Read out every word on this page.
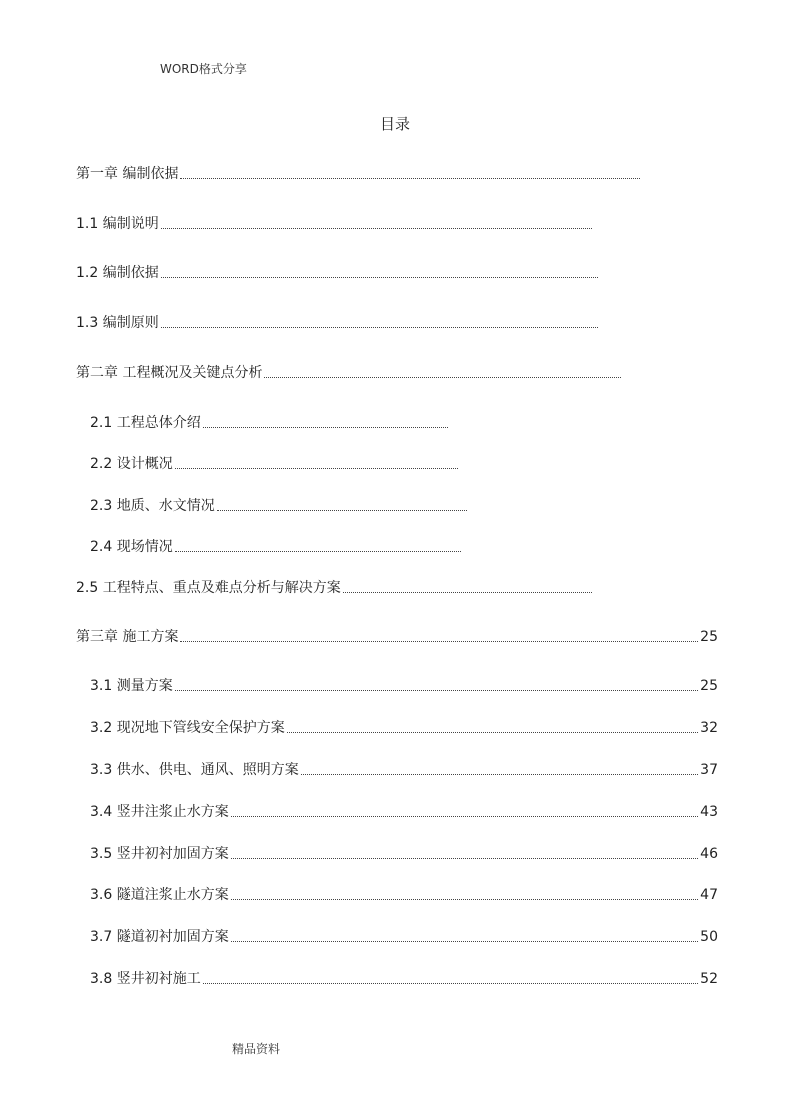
WORD格式分享
目录
第一章 编制依据
1.1 编制说明
1.2 编制依据
1.3 编制原则
第二章 工程概况及关键点分析
2.1 工程总体介绍
2.2 设计概况
2.3 地质、水文情况
2.4 现场情况
2.5 工程特点、重点及难点分析与解决方案
第三章 施工方案	25
3.1 测量方案	25
3.2 现况地下管线安全保护方案	32
3.3 供水、供电、通风、照明方案	37
3.4 竖井注浆止水方案	43
3.5 竖井初衬加固方案	46
3.6 隧道注浆止水方案	47
3.7 隧道初衬加固方案	50
3.8 竖井初衬施工	52
精品资料
